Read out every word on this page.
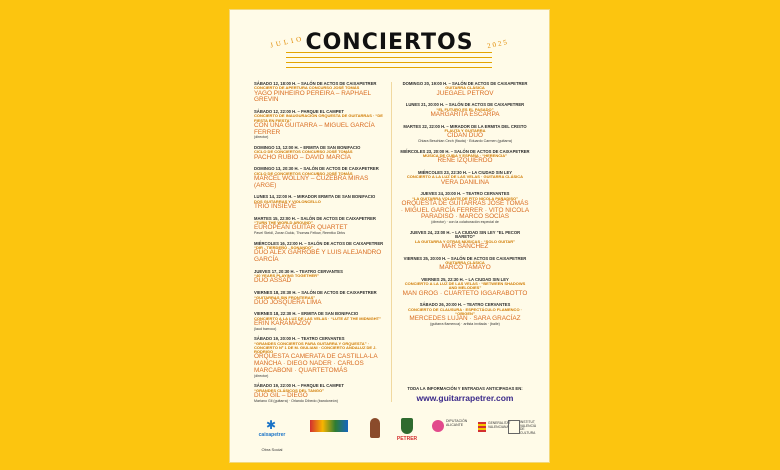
JULIO CONCIERTOS	2025
SÁBADO 12, 18:00 H. – SALÓN DE ACTOS DE CAIXAPETRER
CONCIERTO DE APERTURA CONCURSO JOSÉ TOMÁS
YAGO PINHEIRO PEREIRA – RAPHAEL GREVIN
SÁBADO 12, 22:00 H. – PARQUE EL CAMPET
CONCIERTO DE INAUGURACIÓN ORQUESTA DE GUITARRAS · “DE FIESTA EN FIESTA”
CON UNA GUITARRA – MIGUEL GARCÍA FERRER
(director)
DOMINGO 13, 12:00 H. – ERMITA DE SAN BONIFACIO
CICLO DE CONCIERTOS CONCURSO JOSÉ TOMÁS
PACHO RUBIO – DAVID MARCÍA
DOMINGO 13, 20:30 H. – SALÓN DE ACTOS DE CAIXAPETRER
CICLO DE CONCIERTOS CONCURSO JOSÉ TOMÁS
MARCEL WOLLNY – ČUZEBRA MIRAS (ARGE)
LUNES 14, 22:00 H. – MIRADOR ERMITA DE SAN BONIFACIO
DOS GUITARRAS Y VIOLONCELLO
TRIO INSIEVE
MARTES 15, 22:00 H. – SALÓN DE ACTOS DE CAIXAPETRER
“TURN THE WORLD AROUND”
EUROPEAN GUITAR QUARTET
Pavel Steidl, Zoran Dukic, Thomas Fellow, Reentko Dirks
MIÉRCOLES 16, 22:00 H. – SALÓN DE ACTOS DE CAIXAPETRER
“DIR - TIERDEÑO - SONANDO”
DUO ALEX GARROBÉ Y LUIS ALEJANDRO GARCÍA
JUEVES 17, 20:30 H. – TEATRO CERVANTES
“40 YEARS PLAYING TOGETHER”
DUO ASSAD
VIERNES 18, 20:30 H. – SALÓN DE ACTOS DE CAIXAPETRER
“GUITARRAS SIN FRONTERAS”
DUO JÓSQUERA LIMA
VIERNES 18, 22:30 H. – ERMITA DE SAN BONIFACIO
CONCIERTO A LA LUZ DE LAS VELAS · “LUTE AT THE MIDNIGHT”
ERIN KARAMAZOV
(laud barroco)
SÁBADO 19, 20:00 H. – TEATRO CERVANTES
“GRANDES CONCIERTOS PARA GUITARRA Y ORQUESTA” · CONCIERTO Nº 1 DE M. GIULIANI · CONCIERTO ANDALUZ DE J. RODRIGO
ORQUESTA CAMERATA DE CASTILLA-LA MANCHA · DIEGO NADER · CARLOS MARCABONI · QUARTETOMÁS
(director)
SÁBADO 19, 22:00 H. – PARQUE EL CAMPET
“GRANDES CLÁSICOS DEL TANGO”
DUO GIL – DIEGO
Mariano Gil (guitarra) · Orlando Díbedo (bandoneón)
DOMINGO 20, 19:00 H. – SALÓN DE ACTOS DE CAIXAPETRER
GUITARRA CLÁSICA
JUEGAEL PETROV
LUNES 21, 20:00 H. – SALÓN DE ACTOS DE CAIXAPETRER
“EL FUTURO ES EL PASADO”
MARGARITA ESCARPA
MARTES 22, 22:00 H. – MIRADOR DE LA ERMITA DEL CRISTO
FLAUTA Y GUITARRA
CIDAN DUO
Chiara Beschian Cech (flauta) · Eduardo Carmen (guitarra)
MIÉRCOLES 23, 20:00 H. – SALÓN DE ACTOS DE CAIXAPETRER
MÚSICA DE CUBA Y ESPAÑA · “HERENCIA”
RENÉ IZQUIERDO
MIÉRCOLES 23, 22:30 H. – LA CIUDAD SIN LEY
CONCIERTO A LA LUZ DE LAS VELAS · GUITARRA CLÁSICA
VERA DANILINA
JUEVES 24, 20:00 H. – TEATRO CERVANTES
“LA GUITARRA VOLANTE DE FITO NICOLA PARADISO”
ORQUESTA DE GUITARRAS JOSÉ TOMÁS · MIGUEL GARCÍA FERRER · VITO NICOLA PARADISO · MARCO SOCÍAS
(director) · con la colaboración especial de
JUEVES 24, 23:00 H. – LA CIUDAD SIN LEY “EL PECOR BARETO”
LA GUITARRA Y OTRAS MÚSICAS · “SOLO GUITAR”
MAR SÁNCHEZ
VIERNES 25, 20:00 H. – SALÓN DE ACTOS DE CAIXAPETRER
GUITARRA CLÁSICA
MARCO TAMAYO
VIERNES 25, 22:30 H. – LA CIUDAD SIN LEY
CONCIERTO A LA LUZ DE LAS VELAS · “BETWEEN SHADOWS AND MELODIES”
MAN GROG · CUARTETO IGGARABOTTO
SÁBADO 26, 20:00 H. – TEATRO CERVANTES
CONCIERTO DE CLAUSURA · ESPECTÁCULO FLAMENCO · “ORIGEN”
MERCEDES LUJÁN · SARA GRACÍAZ
(guitarra flamenca) · artista invitada · (baile)
TODA LA INFORMACIÓN Y ENTRADAS ANTICIPADAS EN:
www.guitarrapetrer.com
✱
caixapetrer
Obra Social
PETRER
DIPUTACIÓN ALICANTE	GENERALITAT VALENCIANA
INSTITUT VALENCIÀ DE CULTURA
